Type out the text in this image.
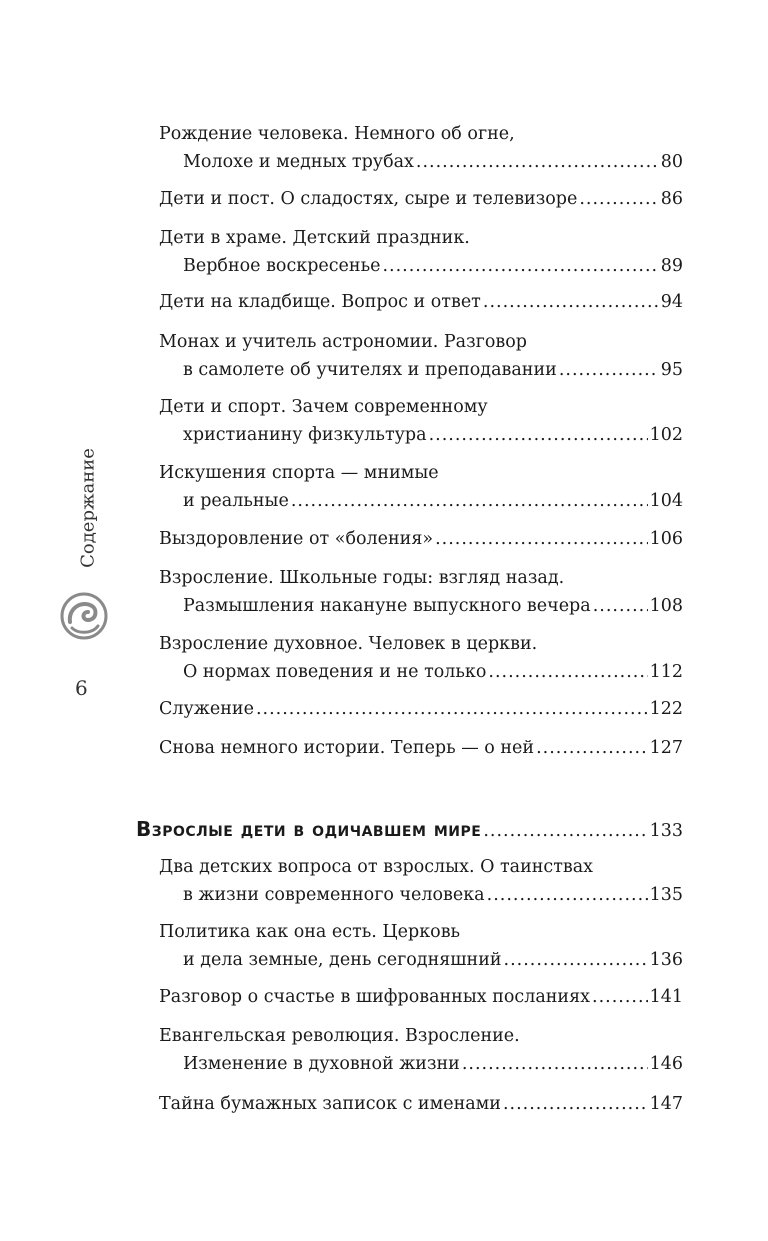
Содержание
6
Рождение человека. Немного об огне,
Молохе и медных трубах .....	80
Дети и пост. О сладостях, сыре и телевизоре .....	86
Дети в храме. Детский праздник.
Вербное воскресенье .....	89
Дети на кладбище. Вопрос и ответ .....	94
Монах и учитель астрономии. Разговор
в самолете об учителях и преподавании .....	95
Дети и спорт. Зачем современному
христианину физкультура .....	102
Искушения спорта — мнимые
и реальные .....	104
Выздоровление от «боления» .....	106
Взросление. Школьные годы: взгляд назад.
Размышления накануне выпускного вечера .....	108
Взросление духовное. Человек в церкви.
О нормах поведения и не только .....	112
Служение .....	122
Снова немного истории. Теперь — о ней .....	127
Взрослые дети в одичавшем мире .....	133
Два детских вопроса от взрослых. О таинствах
в жизни современного человека .....	135
Политика как она есть. Церковь
и дела земные, день сегодняшний .....	136
Разговор о счастье в шифрованных посланиях .....	141
Евангельская революция. Взросление.
Изменение в духовной жизни .....	146
Тайна бумажных записок с именами .....	147
